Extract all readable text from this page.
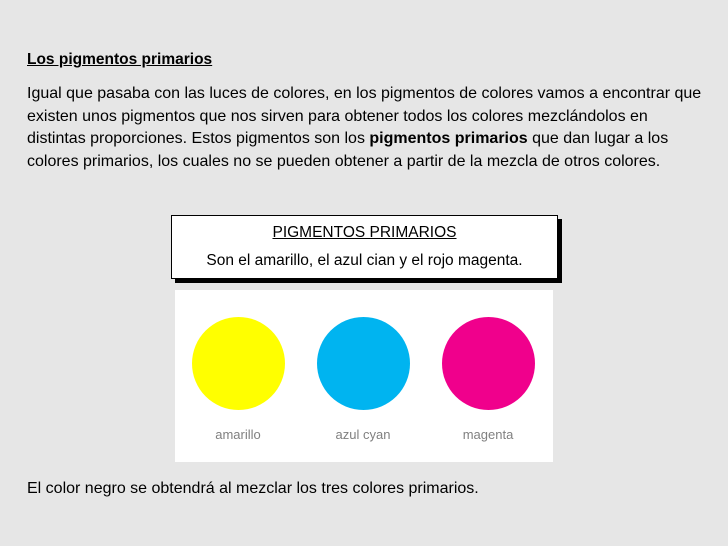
Los pigmentos primarios
Igual que pasaba con las luces de colores, en los pigmentos de colores vamos a encontrar que existen unos pigmentos que nos sirven para obtener todos los colores mezclándolos en distintas proporciones. Estos pigmentos son los pigmentos primarios que dan lugar a los colores primarios, los cuales no se pueden obtener a partir de la mezcla de otros colores.
PIGMENTOS PRIMARIOS
Son el amarillo, el azul cian y el rojo magenta.
amarillo	azul cyan	magenta
El color negro se obtendrá al mezclar los tres colores primarios.
